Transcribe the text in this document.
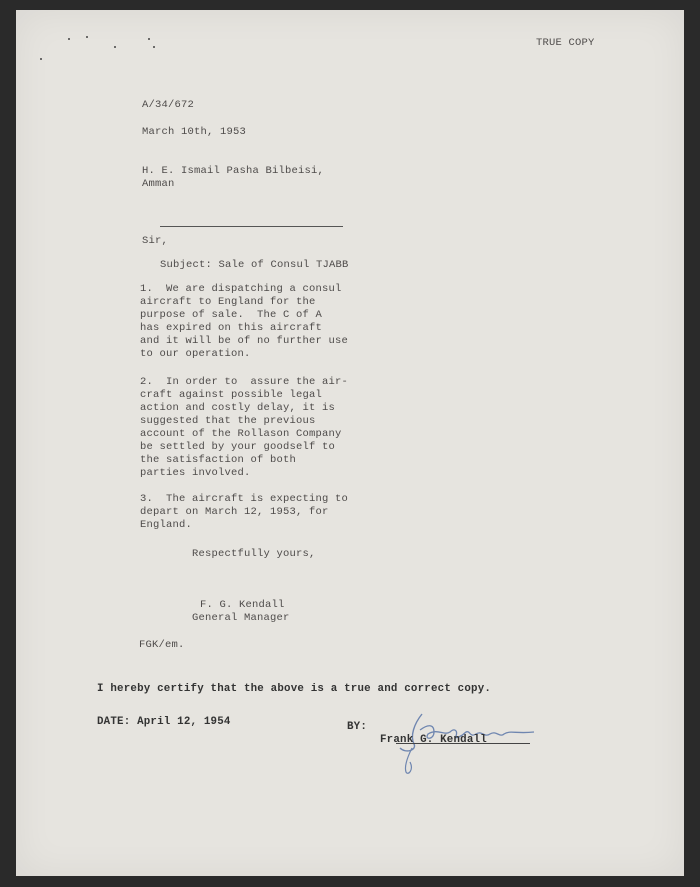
TRUE COPY

A/34/672

March 10th, 1953

H. E. Ismail Pasha Bilbeisi,

Amman

Sir,

Subject: Sale of Consul TJABB

1.  We are dispatching a consul
aircraft to England for the
purpose of sale.  The C of A
has expired on this aircraft
and it will be of no further use
to our operation.

2.  In order to  assure the air-
craft against possible legal
action and costly delay, it is
suggested that the previous
account of the Rollason Company
be settled by your goodself to
the satisfaction of both
parties involved.

3.  The aircraft is expecting to
depart on March 12, 1953, for
England.

Respectfully yours,

F. G. Kendall

General Manager

FGK/em.

I hereby certify that the above is a true and correct copy.

DATE: April 12, 1954	BY:

Frank G. Kendall
